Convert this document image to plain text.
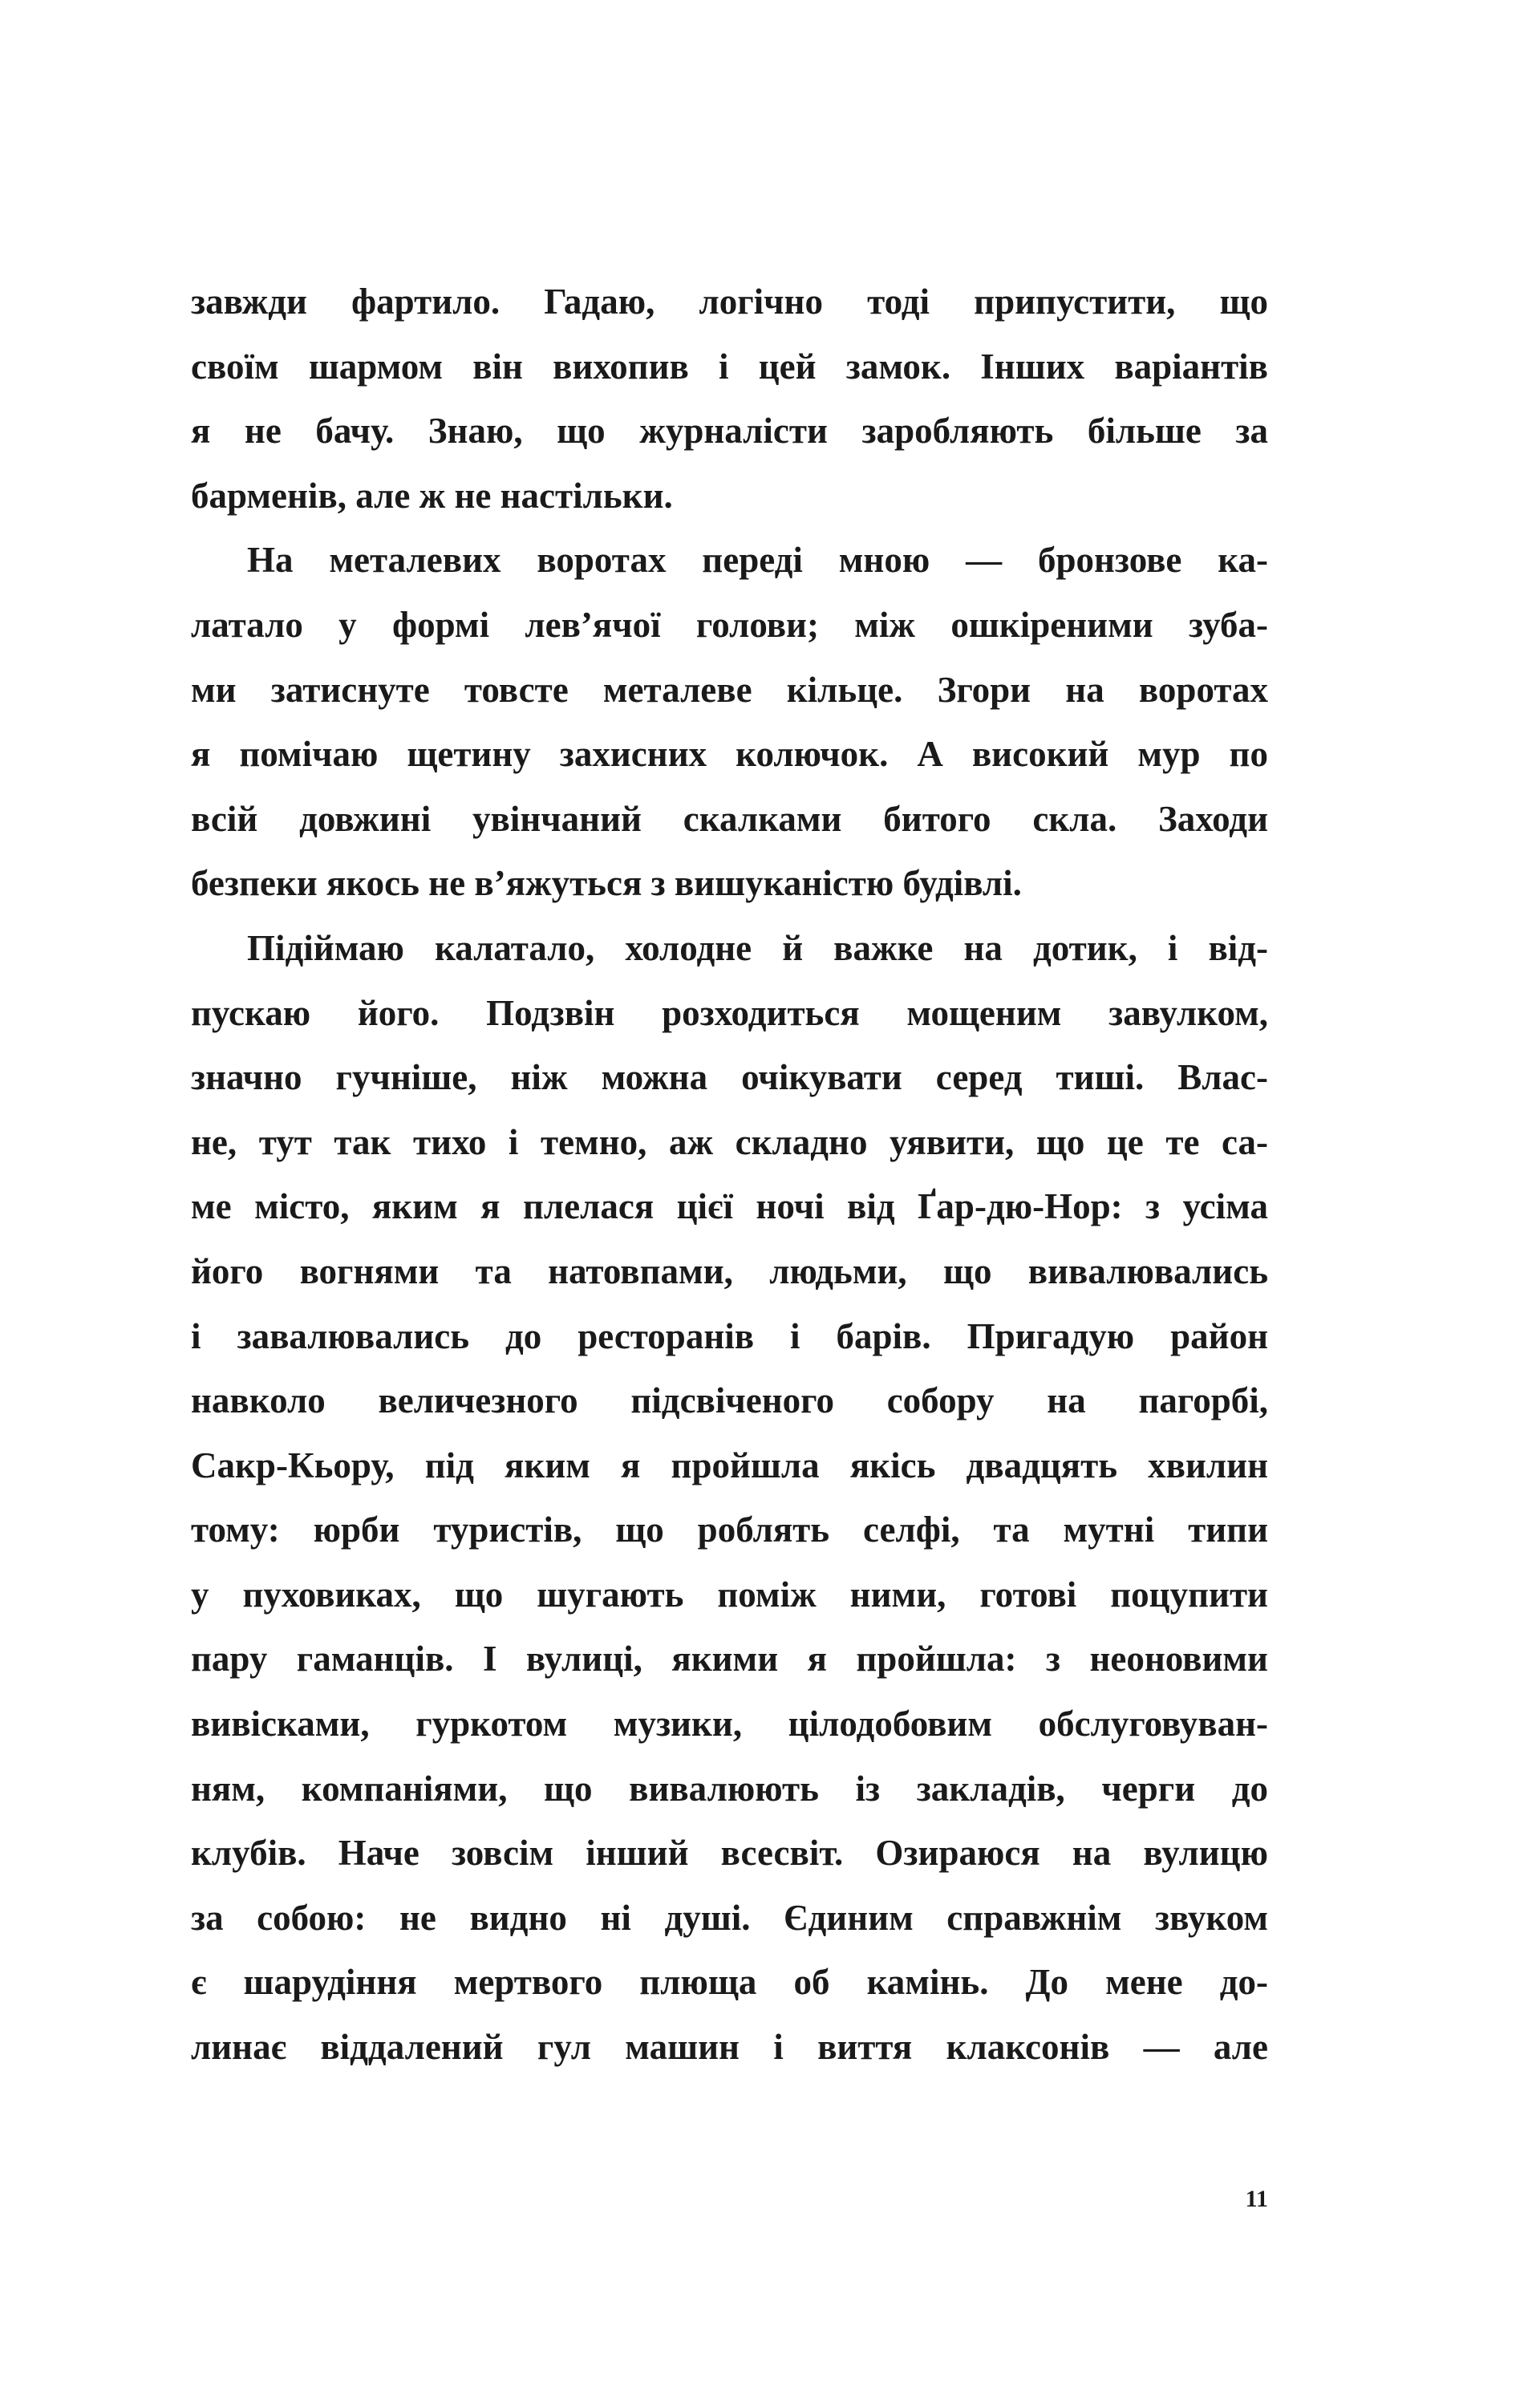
завжди фартило. Гадаю, логічно тоді припустити, що
своїм шармом він вихопив і цей замок. Інших варіантів
я не бачу. Знаю, що журналісти заробляють більше за
барменів, але ж не настільки.
На металевих воротах переді мною — бронзове ка-
латало у формі лев’ячої голови; між ошкіреними зуба-
ми затиснуте товсте металеве кільце. Згори на воротах
я помічаю щетину захисних колючок. А високий мур по
всій довжині увінчаний скалками битого скла. Заходи
безпеки якось не в’яжуться з вишуканістю будівлі.
Підіймаю калатало, холодне й важке на дотик, і від-
пускаю його. Подзвін розходиться мощеним завулком,
значно гучніше, ніж можна очікувати серед тиші. Влас-
не, тут так тихо і темно, аж складно уявити, що це те са-
ме місто, яким я плелася цієї ночі від Ґар-дю-Нор: з усіма
його вогнями та натовпами, людьми, що вивалювались
і завалювались до ресторанів і барів. Пригадую район
навколо величезного підсвіченого собору на пагорбі,
Сакр-Кьору, під яким я пройшла якісь двадцять хвилин
тому: юрби туристів, що роблять селфі, та мутні типи
у пуховиках, що шугають поміж ними, готові поцупити
пару гаманців. І вулиці, якими я пройшла: з неоновими
вивісками, гуркотом музики, цілодобовим обслуговуван-
ням, компаніями, що вивалюють із закладів, черги до
клубів. Наче зовсім інший всесвіт. Озираюся на вулицю
за собою: не видно ні душі. Єдиним справжнім звуком
є шарудіння мертвого плюща об камінь. До мене до-
линає віддалений гул машин і виття клаксонів — але
11
